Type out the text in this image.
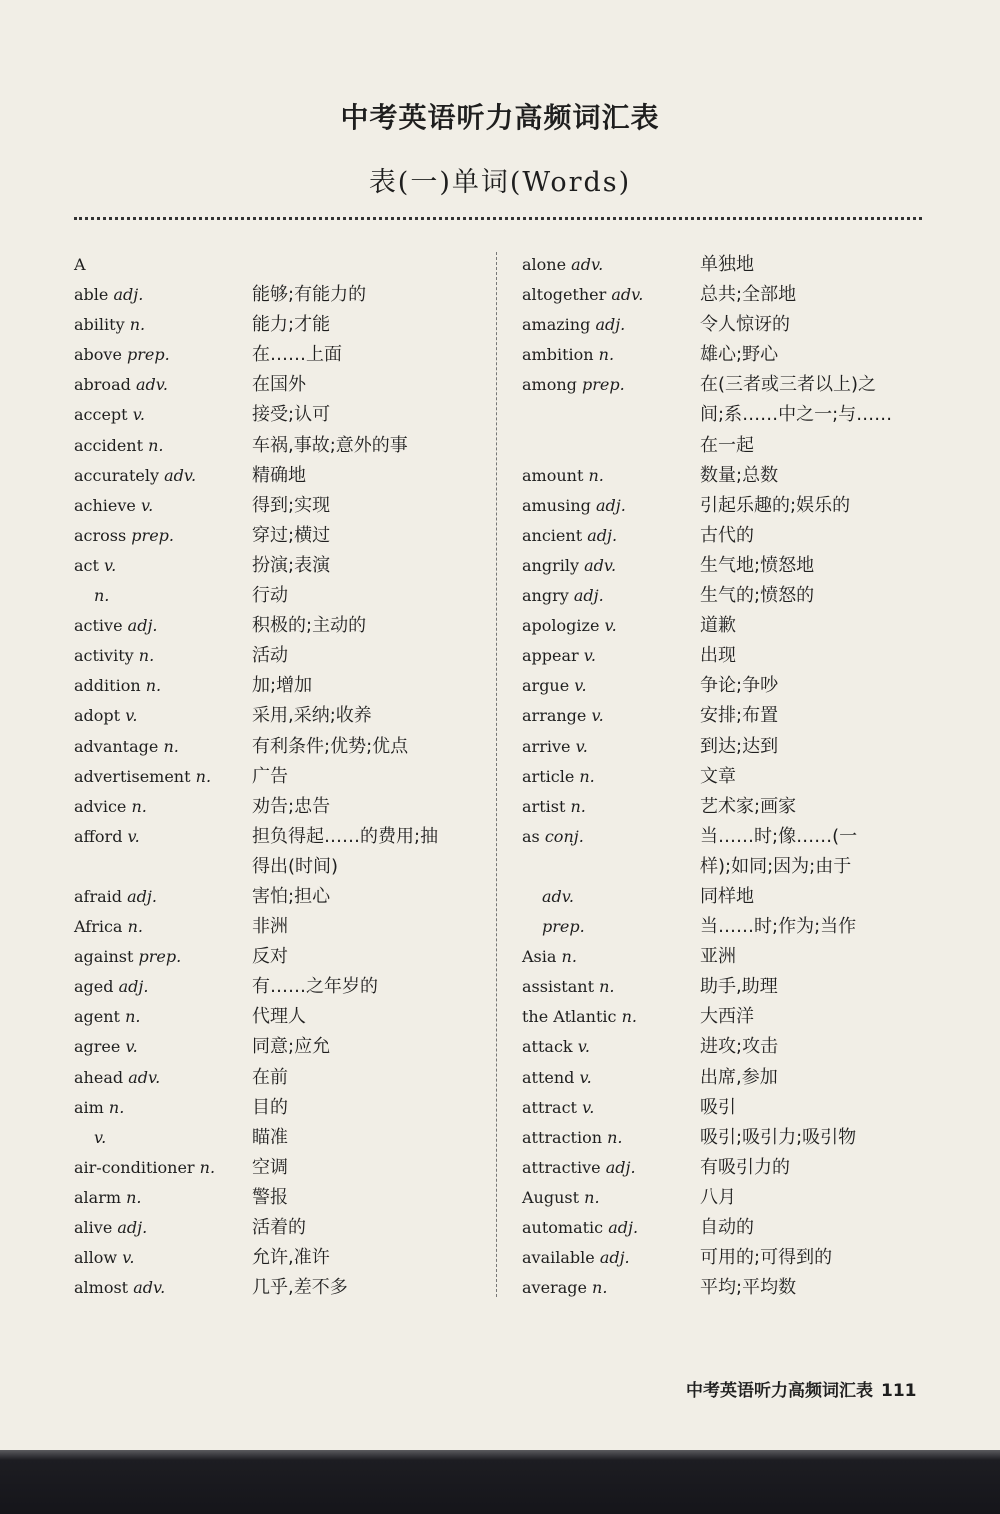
中考英语听力高频词汇表
表(一)单词(Words)
A
able adj.	能够;有能力的
ability n.	能力;才能
above prep.	在……上面
abroad adv.	在国外
accept v.	接受;认可
accident n.	车祸,事故;意外的事
accurately adv.	精确地
achieve v.	得到;实现
across prep.	穿过;横过
act v.	扮演;表演
n.	行动
active adj.	积极的;主动的
activity n.	活动
addition n.	加;增加
adopt v.	采用,采纳;收养
advantage n.	有利条件;优势;优点
advertisement n.	广告
advice n.	劝告;忠告
afford v.	担负得起……的费用;抽
得出(时间)
afraid adj.	害怕;担心
Africa n.	非洲
against prep.	反对
aged adj.	有……之年岁的
agent n.	代理人
agree v.	同意;应允
ahead adv.	在前
aim n.	目的
v.	瞄准
air-conditioner n.	空调
alarm n.	警报
alive adj.	活着的
allow v.	允许,准许
almost adv.	几乎,差不多
alone adv.	单独地
altogether adv.	总共;全部地
amazing adj.	令人惊讶的
ambition n.	雄心;野心
among prep.	在(三者或三者以上)之
间;系……中之一;与……
在一起
amount n.	数量;总数
amusing adj.	引起乐趣的;娱乐的
ancient adj.	古代的
angrily adv.	生气地;愤怒地
angry adj.	生气的;愤怒的
apologize v.	道歉
appear v.	出现
argue v.	争论;争吵
arrange v.	安排;布置
arrive v.	到达;达到
article n.	文章
artist n.	艺术家;画家
as conj.	当……时;像……(一
样);如同;因为;由于
adv.	同样地
prep.	当……时;作为;当作
Asia n.	亚洲
assistant n.	助手,助理
the Atlantic n.	大西洋
attack v.	进攻;攻击
attend v.	出席,参加
attract v.	吸引
attraction n.	吸引;吸引力;吸引物
attractive adj.	有吸引力的
August n.	八月
automatic adj.	自动的
available adj.	可用的;可得到的
average n.	平均;平均数
中考英语听力高频词汇表 111
